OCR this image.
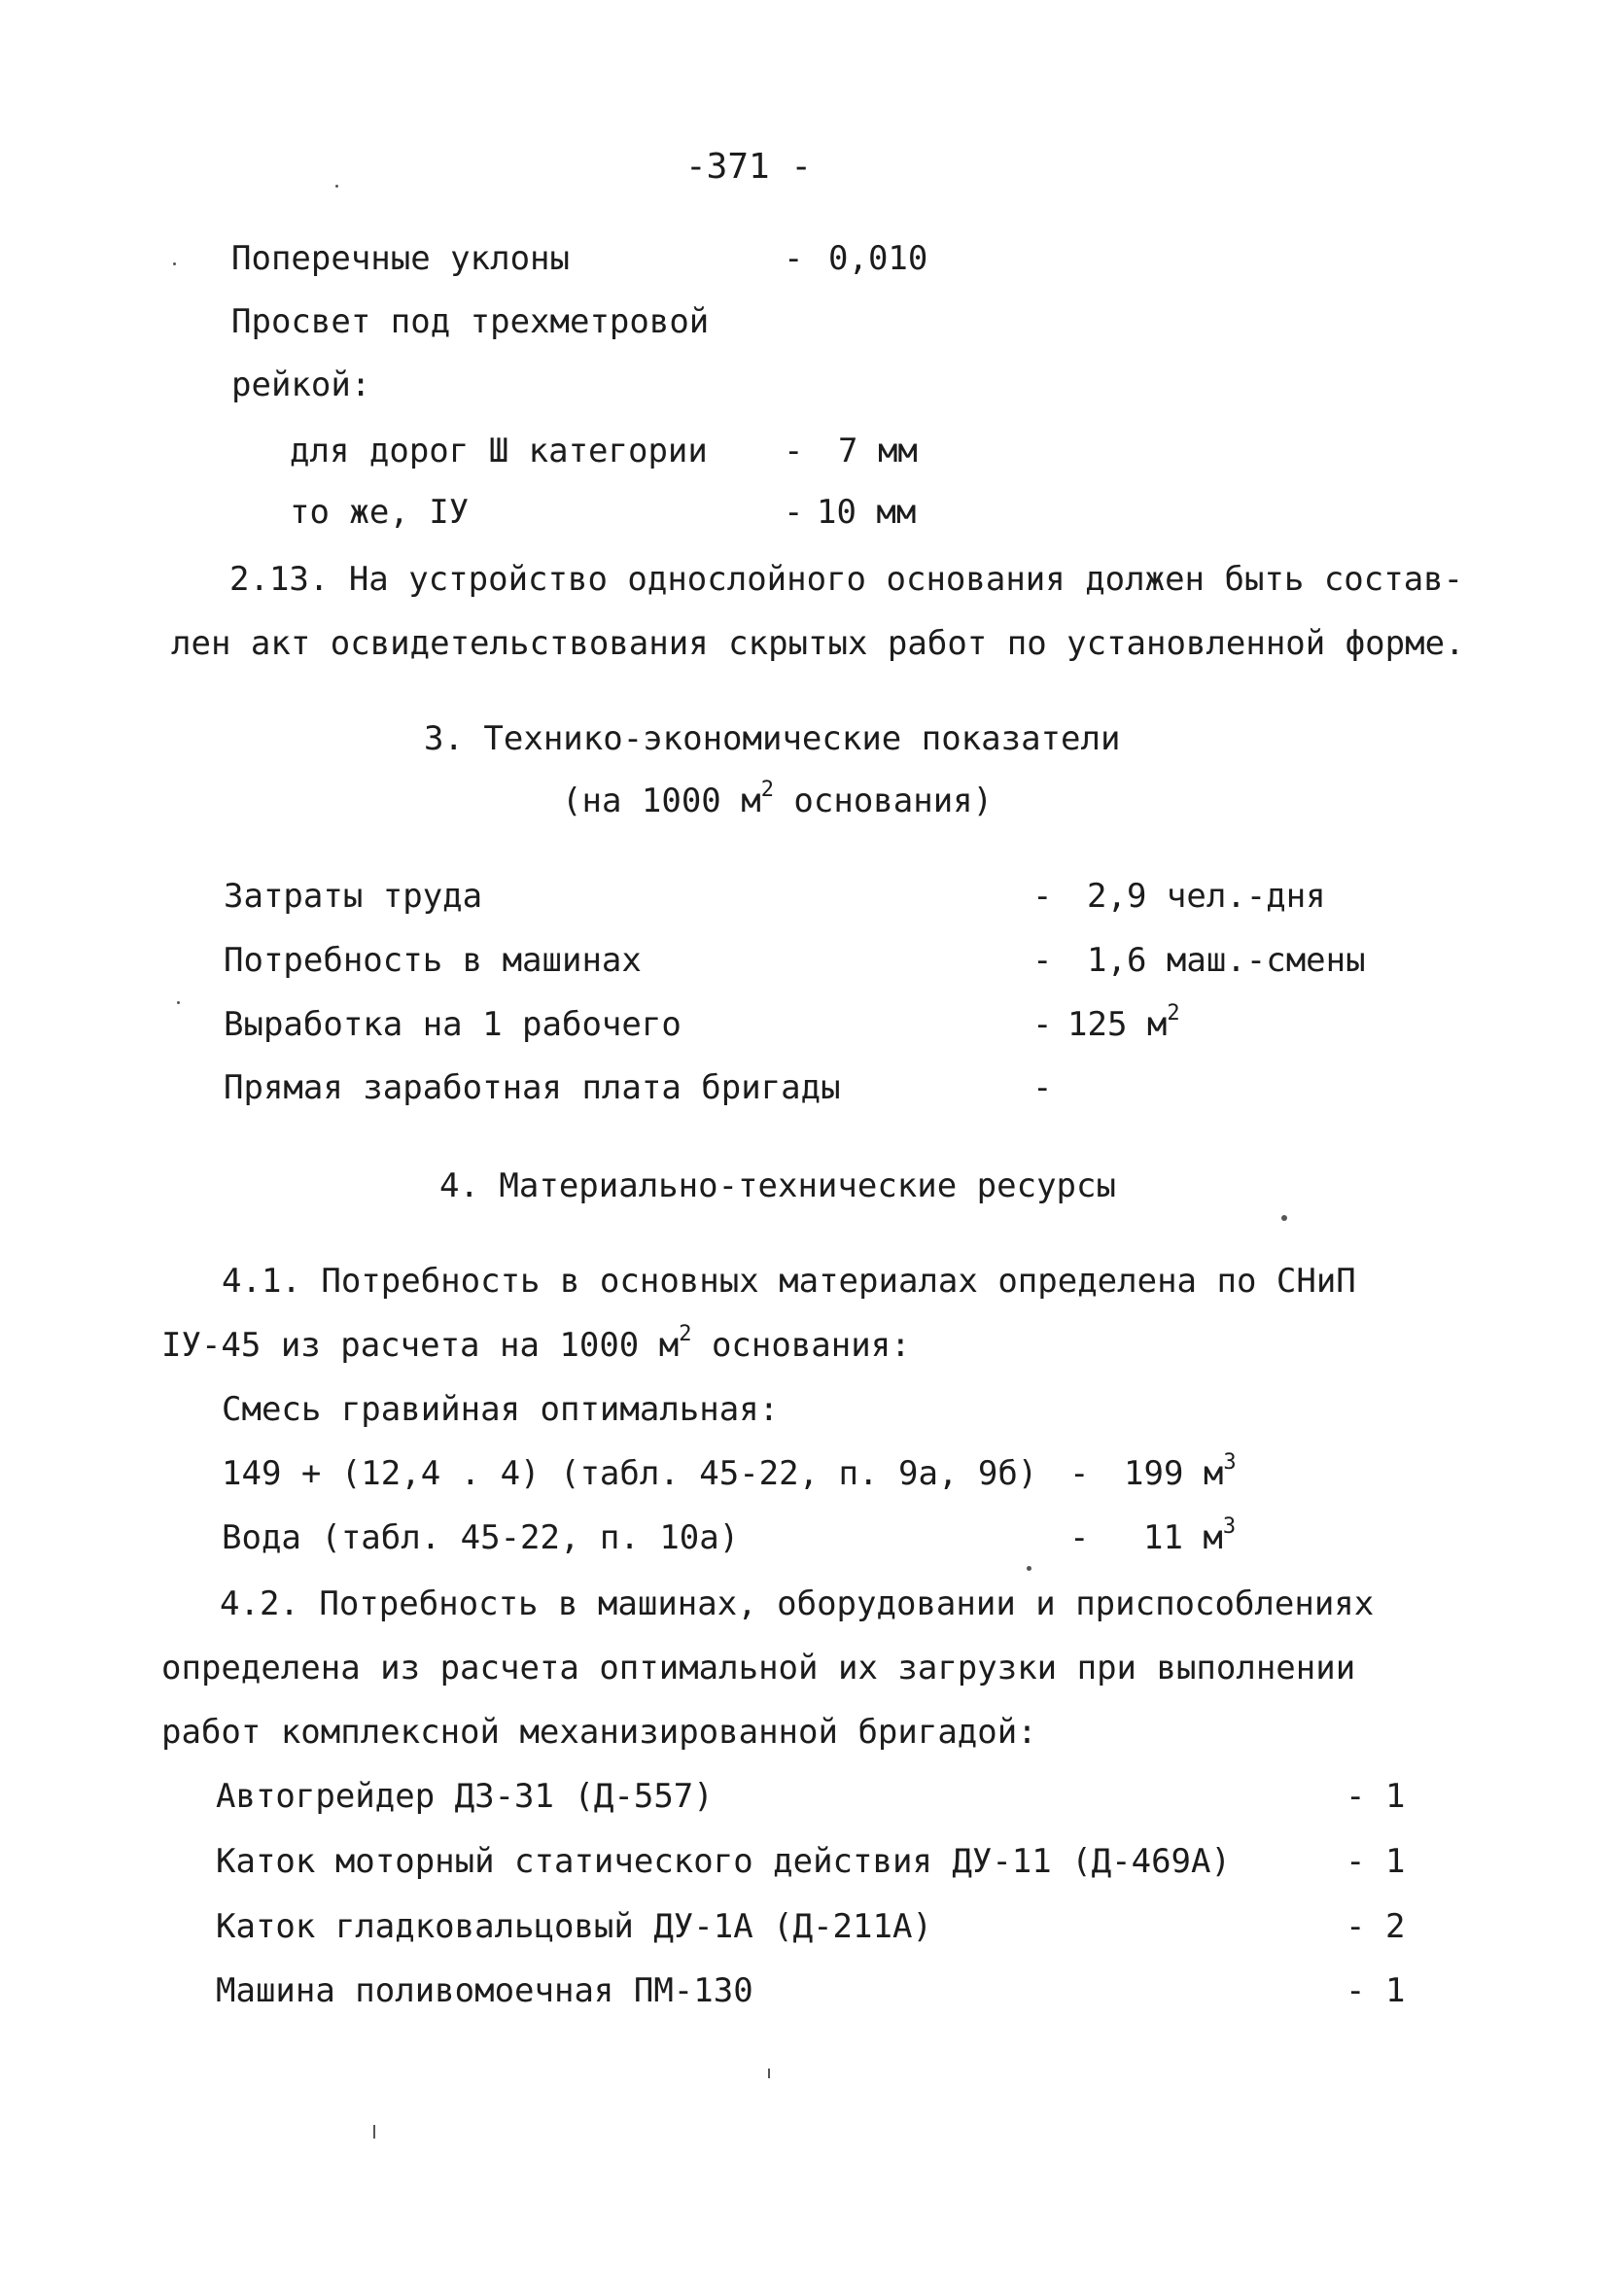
-371 -
Поперечные уклоны	- 0,010
Просвет под трехметровой
рейкой:
для дорог Ш категории - 7 мм
то же, IУ	- 10 мм
2.13. На устройство однослойного основания должен быть состав-
лен акт освидетельствования скрытых работ по установленной форме.
3. Технико-экономические показатели
(на 1000 $м^2$ основания)
Затраты труда	- 2,9 чел.-дня
Потребность в машинах	- 1,6 маш.-смены
Выработка на 1 рабочего	- 125 $м^2$
Прямая заработная плата бригады	-
4. Материально-технические ресурсы
4.1. Потребность в основных материалах определена по СНиП
IУ-45 из расчета на 1000 $м^2$ основания:
Смесь гравийная оптимальная:
149 + (12,4 . 4) (табл. 45-22, п. 9а, 9б) - 199 $м^3$
Вода (табл. 45-22, п. 10а)	- 11 $м^3$
4.2. Потребность в машинах, оборудовании и приспособлениях
определена из расчета оптимальной их загрузки при выполнении
работ комплексной механизированной бригадой:
Автогрейдер ДЗ-31 (Д-557)	- 1
Каток моторный статического действия ДУ-11 (Д-469А)	- 1
Каток гладковальцовый ДУ-1А (Д-211А)	- 2
Машина поливомоечная ПМ-130	- 1
